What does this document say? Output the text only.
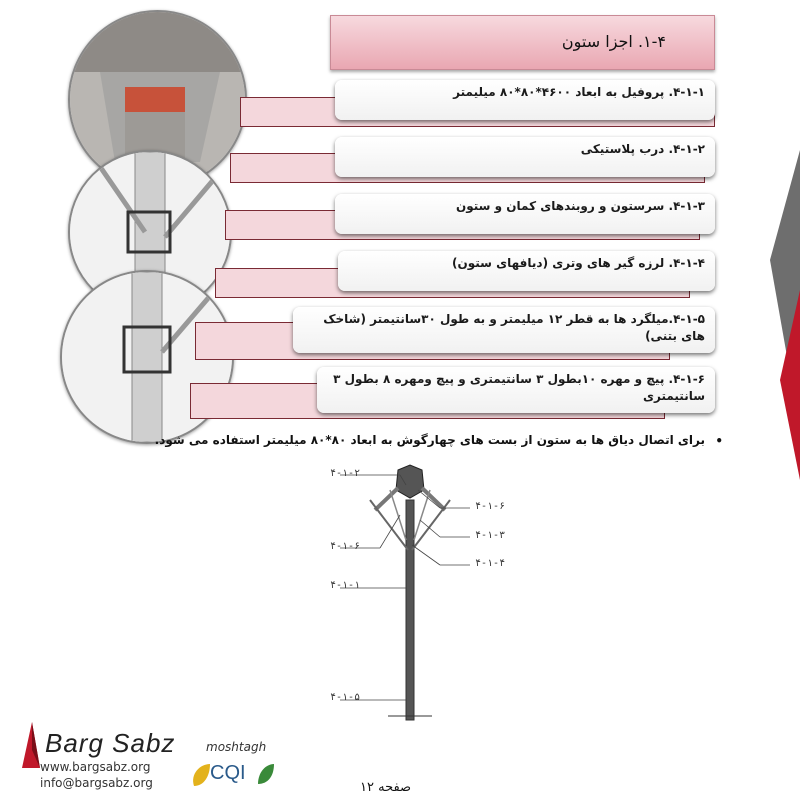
۱-۴. اجزا ستون
۴-۱-۱. پروفیل به ابعاد ۴۶۰۰*۸۰*۸۰ میلیمتر
۴-۱-۲. درب پلاستیکی
۴-۱-۳. سرستون و روبندهای کمان و ستون
۴-۱-۴. لرزه گیر های وتری (دیافهای ستون)
۴-۱-۵.میلگرد ها به قطر ۱۲ میلیمتر و به طول ۳۰سانتیمتر (شاخک های بتنی)
۴-۱-۶. پیچ و مهره ۱۰بطول ۳ سانتیمتری و پیچ ومهره ۸ بطول ۳ سانتیمتری
•
برای اتصال دیاق ها به ستون از بست های چهارگوش به ابعاد ۸۰*۸۰ میلیمتر استفاده می شود.
۴-۱-۲
۴-۱-۶
۴-۱-۳
۴-۱-۴
۴-۱-۶
۴-۱-۱
۴-۱-۵
Barg Sabz	moshtagh
www.bargsabz.org
info@bargsabz.org	CQI
صفحه ۱۲
